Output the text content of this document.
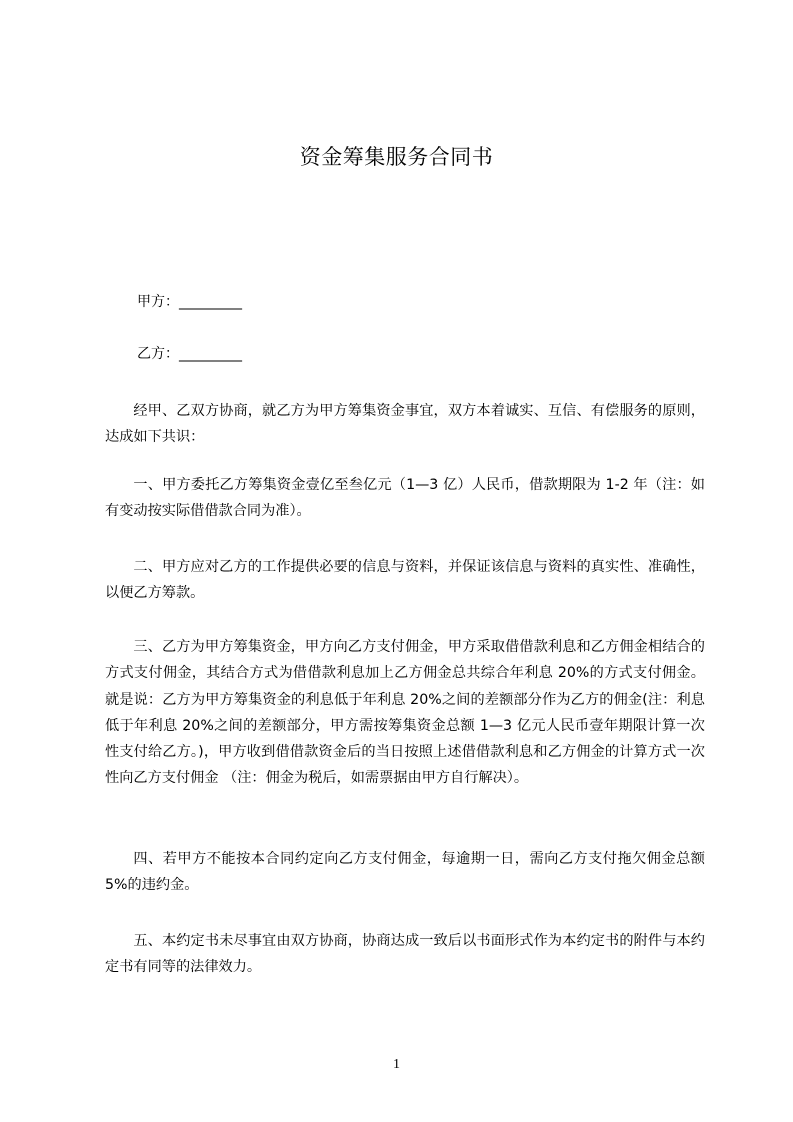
资金筹集服务合同书
甲方：_________
乙方：_________

经甲、乙双方协商，就乙方为甲方筹集资金事宜，双方本着诚实、互信、有偿服务的原则，达成如下共识：

一、甲方委托乙方筹集资金壹亿至叁亿元（1—3 亿）人民币，借款期限为 1-2 年（注：如有变动按实际借借款合同为准）。

二、甲方应对乙方的工作提供必要的信息与资料，并保证该信息与资料的真实性、准确性，以便乙方筹款。

三、乙方为甲方筹集资金，甲方向乙方支付佣金，甲方采取借借款利息和乙方佣金相结合的方式支付佣金，其结合方式为借借款利息加上乙方佣金总共综合年利息 20%的方式支付佣金。就是说：乙方为甲方筹集资金的利息低于年利息 20%之间的差额部分作为乙方的佣金(注：利息低于年利息 20%之间的差额部分，甲方需按筹集资金总额 1—3 亿元人民币壹年期限计算一次性支付给乙方。)，甲方收到借借款资金后的当日按照上述借借款利息和乙方佣金的计算方式一次性向乙方支付佣金 （注：佣金为税后，如需票据由甲方自行解决）。

四、若甲方不能按本合同约定向乙方支付佣金，每逾期一日，需向乙方支付拖欠佣金总额 5%的违约金。

五、本约定书未尽事宜由双方协商，协商达成一致后以书面形式作为本约定书的附件与本约定书有同等的法律效力。

1
